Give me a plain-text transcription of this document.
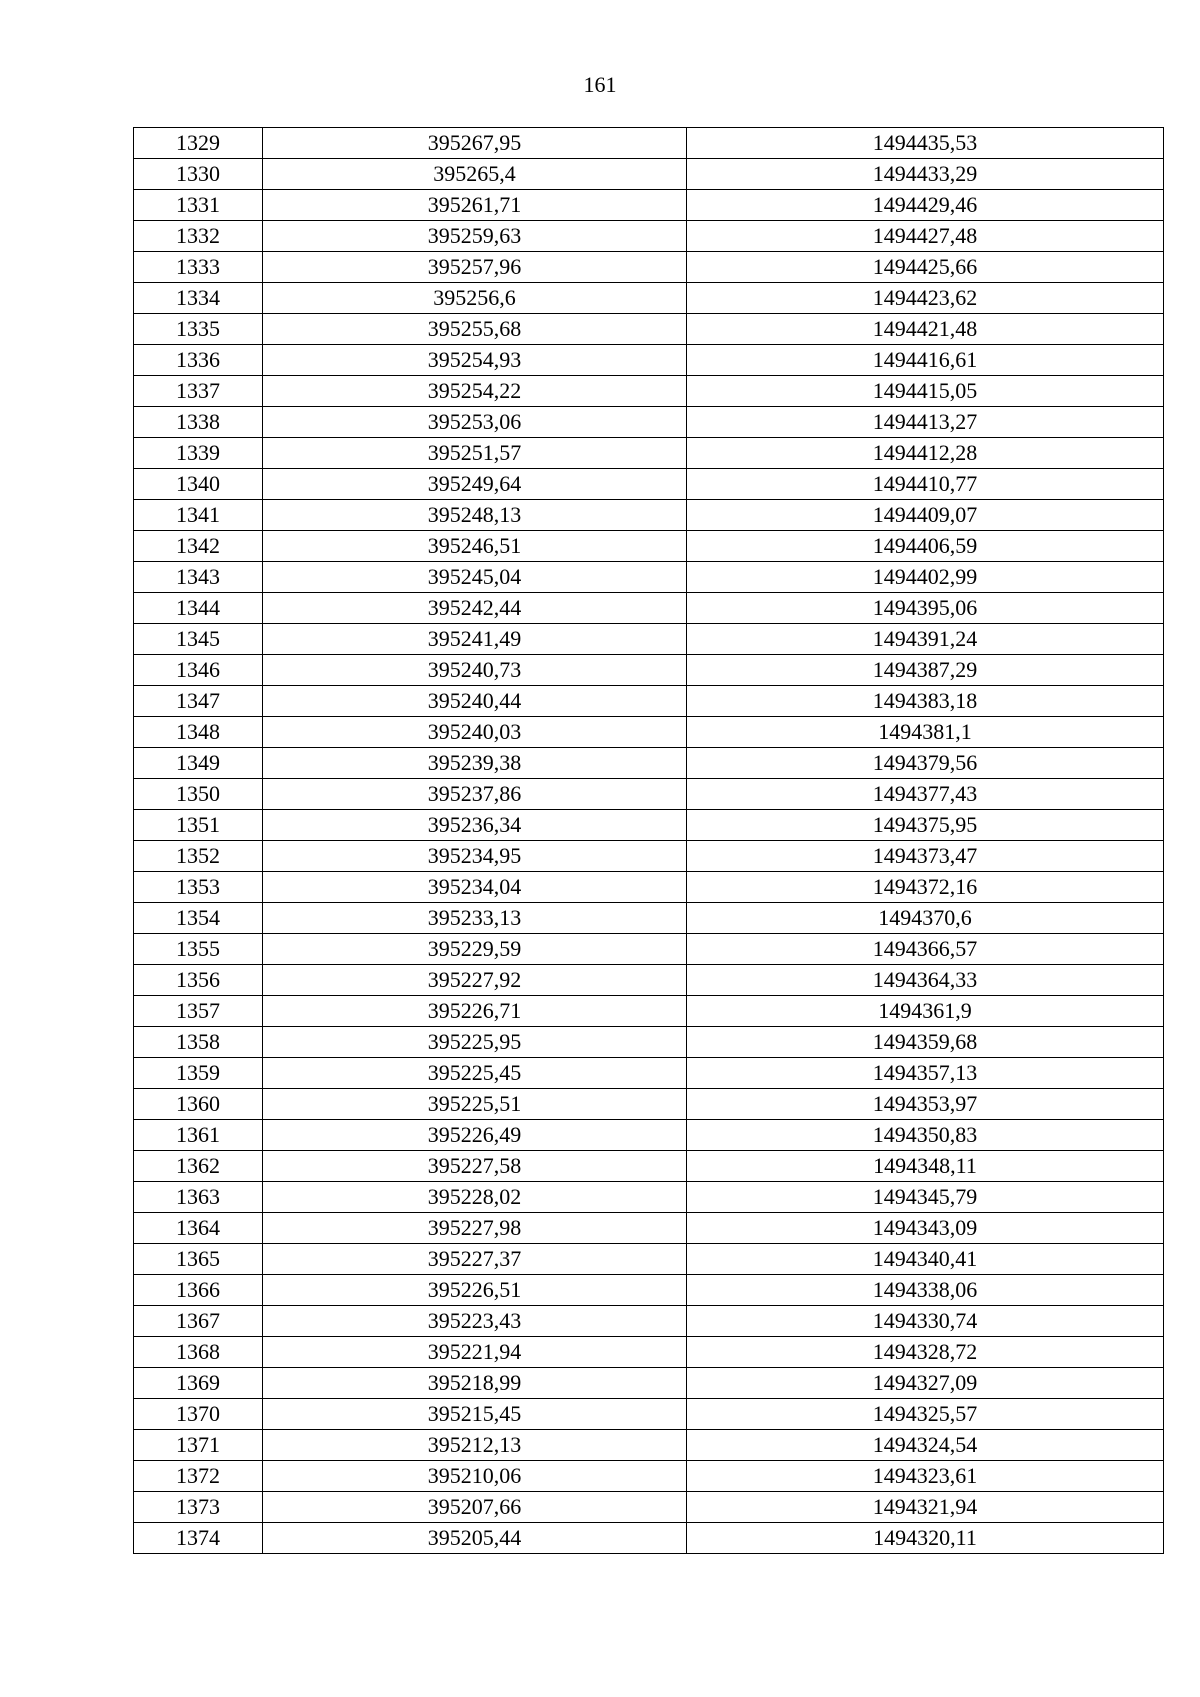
161
1329	395267,95	1494435,53
1330	395265,4	1494433,29
1331	395261,71	1494429,46
1332	395259,63	1494427,48
1333	395257,96	1494425,66
1334	395256,6	1494423,62
1335	395255,68	1494421,48
1336	395254,93	1494416,61
1337	395254,22	1494415,05
1338	395253,06	1494413,27
1339	395251,57	1494412,28
1340	395249,64	1494410,77
1341	395248,13	1494409,07
1342	395246,51	1494406,59
1343	395245,04	1494402,99
1344	395242,44	1494395,06
1345	395241,49	1494391,24
1346	395240,73	1494387,29
1347	395240,44	1494383,18
1348	395240,03	1494381,1
1349	395239,38	1494379,56
1350	395237,86	1494377,43
1351	395236,34	1494375,95
1352	395234,95	1494373,47
1353	395234,04	1494372,16
1354	395233,13	1494370,6
1355	395229,59	1494366,57
1356	395227,92	1494364,33
1357	395226,71	1494361,9
1358	395225,95	1494359,68
1359	395225,45	1494357,13
1360	395225,51	1494353,97
1361	395226,49	1494350,83
1362	395227,58	1494348,11
1363	395228,02	1494345,79
1364	395227,98	1494343,09
1365	395227,37	1494340,41
1366	395226,51	1494338,06
1367	395223,43	1494330,74
1368	395221,94	1494328,72
1369	395218,99	1494327,09
1370	395215,45	1494325,57
1371	395212,13	1494324,54
1372	395210,06	1494323,61
1373	395207,66	1494321,94
1374	395205,44	1494320,11
